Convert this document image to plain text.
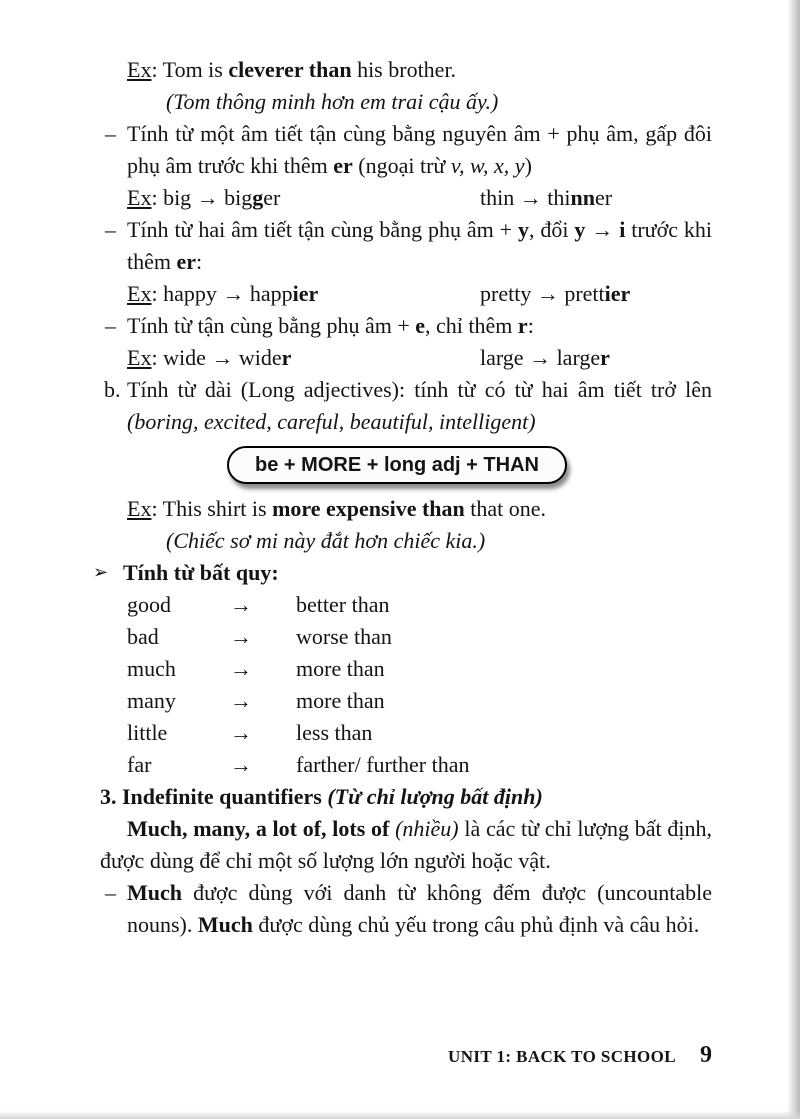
Ex: Tom is cleverer than his brother.
(Tom thông minh hơn em trai cậu ấy.)
– Tính từ một âm tiết tận cùng bằng nguyên âm + phụ âm, gấp đôi phụ âm trước khi thêm er (ngoại trừ v, w, x, y)
Ex: big → bigger	thin → thinner
– Tính từ hai âm tiết tận cùng bằng phụ âm + y, đổi y → i trước khi thêm er:
Ex: happy → happier	pretty → prettier
– Tính từ tận cùng bằng phụ âm + e, chỉ thêm r:
Ex: wide → wider	large → larger
b. Tính từ dài (Long adjectives): tính từ có từ hai âm tiết trở lên (boring, excited, careful, beautiful, intelligent)
be + MORE + long adj + THAN
Ex: This shirt is more expensive than that one.
(Chiếc sơ mi này đắt hơn chiếc kia.)
➢ Tính từ bất quy:
good	→	better than
bad	→	worse than
much	→	more than
many	→	more than
little	→	less than
far	→	farther/ further than
3. Indefinite quantifiers (Từ chỉ lượng bất định)
Much, many, a lot of, lots of (nhiều) là các từ chỉ lượng bất định, được dùng để chỉ một số lượng lớn người hoặc vật.
– Much được dùng với danh từ không đếm được (uncountable nouns). Much được dùng chủ yếu trong câu phủ định và câu hỏi.
UNIT 1: BACK TO SCHOOL 9
